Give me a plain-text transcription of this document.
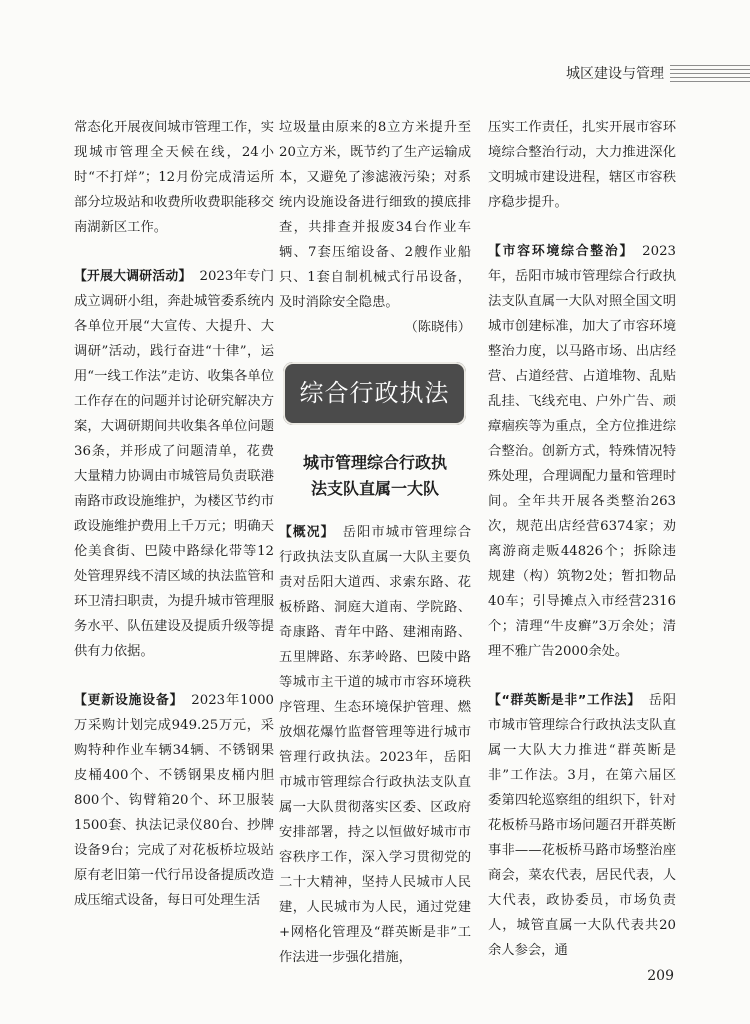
城区建设与管理

常态化开展夜间城市管理工作，实现城市管理全天候在线，24小时“不打烊”；12月份完成清运所部分垃圾站和收费所收费职能移交南湖新区工作。

【开展大调研活动】 2023年专门成立调研小组，奔赴城管委系统内各单位开展“大宣传、大提升、大调研”活动，践行奋进“十律”，运用“一线工作法”走访、收集各单位工作存在的问题并讨论研究解决方案，大调研期间共收集各单位问题36条，并形成了问题清单，花费大量精力协调由市城管局负责联港南路市政设施维护，为楼区节约市政设施维护费用上千万元；明确天伦美食街、巴陵中路绿化带等12处管理界线不清区域的执法监管和环卫清扫职责，为提升城市管理服务水平、队伍建设及提质升级等提供有力依据。

【更新设施设备】 2023年1000万采购计划完成949.25万元，采购特种作业车辆34辆、不锈钢果皮桶400个、不锈钢果皮桶内胆800个、钩臂箱20个、环卫服装1500套、执法记录仪80台、抄牌设备9台；完成了对花板桥垃圾站原有老旧第一代行吊设备提质改造成压缩式设备，每日可处理生活

垃圾量由原来的8立方米提升至20立方米，既节约了生产运输成本，又避免了渗滤液污染；对系统内设施设备进行细致的摸底排查，共排查并报废34台作业车辆、7套压缩设备、2艘作业船只、1套自制机械式行吊设备，及时消除安全隐患。

（陈晓伟）

综合行政执法
城市管理综合行政执
法支队直属一大队

【概况】 岳阳市城市管理综合行政执法支队直属一大队主要负责对岳阳大道西、求索东路、花板桥路、洞庭大道南、学院路、奇康路、青年中路、建湘南路、五里牌路、东茅岭路、巴陵中路等城市主干道的城市市容环境秩序管理、生态环境保护管理、燃放烟花爆竹监督管理等进行城市管理行政执法。2023年，岳阳市城市管理综合行政执法支队直属一大队贯彻落实区委、区政府安排部署，持之以恒做好城市市容秩序工作，深入学习贯彻党的二十大精神，坚持人民城市人民建，人民城市为人民，通过党建+网格化管理及“群英断是非”工作法进一步强化措施，

压实工作责任，扎实开展市容环境综合整治行动，大力推进深化文明城市建设进程，辖区市容秩序稳步提升。

【市容环境综合整治】 2023年，岳阳市城市管理综合行政执法支队直属一大队对照全国文明城市创建标准，加大了市容环境整治力度，以马路市场、出店经营、占道经营、占道堆物、乱贴乱挂、飞线充电、户外广告、顽瘴痼疾等为重点，全方位推进综合整治。创新方式，特殊情况特殊处理，合理调配力量和管理时间。全年共开展各类整治263次，规范出店经营6374家；劝离游商走贩44826个；拆除违规建（构）筑物2处；暂扣物品40车；引导摊点入市经营2316个；清理“牛皮癣”3万余处；清理不雅广告2000余处。

【“群英断是非”工作法】 岳阳市城市管理综合行政执法支队直属一大队大力推进“群英断是非”工作法。3月，在第六届区委第四轮巡察组的组织下，针对花板桥马路市场问题召开群英断事非——花板桥马路市场整治座商会，菜农代表，居民代表，人大代表，政协委员，市场负责人，城管直属一大队代表共20余人参会，通

209
